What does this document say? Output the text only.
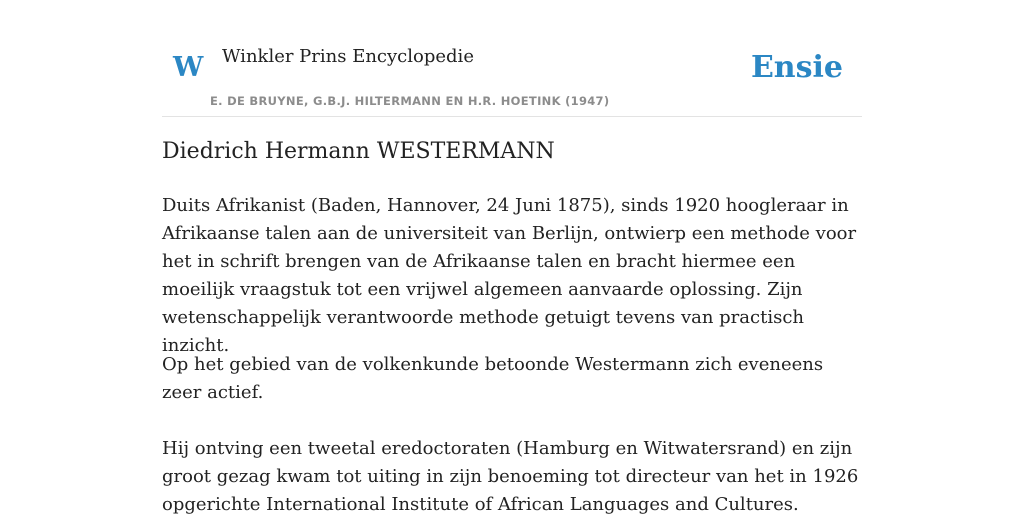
W Winkler Prins Encyclopedie
E. DE BRUYNE, G.B.J. HILTERMANN EN H.R. HOETINK (1947)
Ensie
Diedrich Hermann WESTERMANN

Duits Afrikanist (Baden, Hannover, 24 Juni 1875), sinds 1920 hoogleraar in Afrikaanse talen aan de universiteit van Berlijn, ontwierp een methode voor het in schrift brengen van de Afrikaanse talen en bracht hiermee een moeilijk vraagstuk tot een vrijwel algemeen aanvaarde oplossing. Zijn wetenschappelijk verantwoorde methode getuigt tevens van practisch inzicht.

Op het gebied van de volkenkunde betoonde Westermann zich eveneens zeer actief.

Hij ontving een tweetal eredoctoraten (Hamburg en Witwatersrand) en zijn groot gezag kwam tot uiting in zijn benoeming tot directeur van het in 1926 opgerichte International Institute of African Languages and Cultures.
